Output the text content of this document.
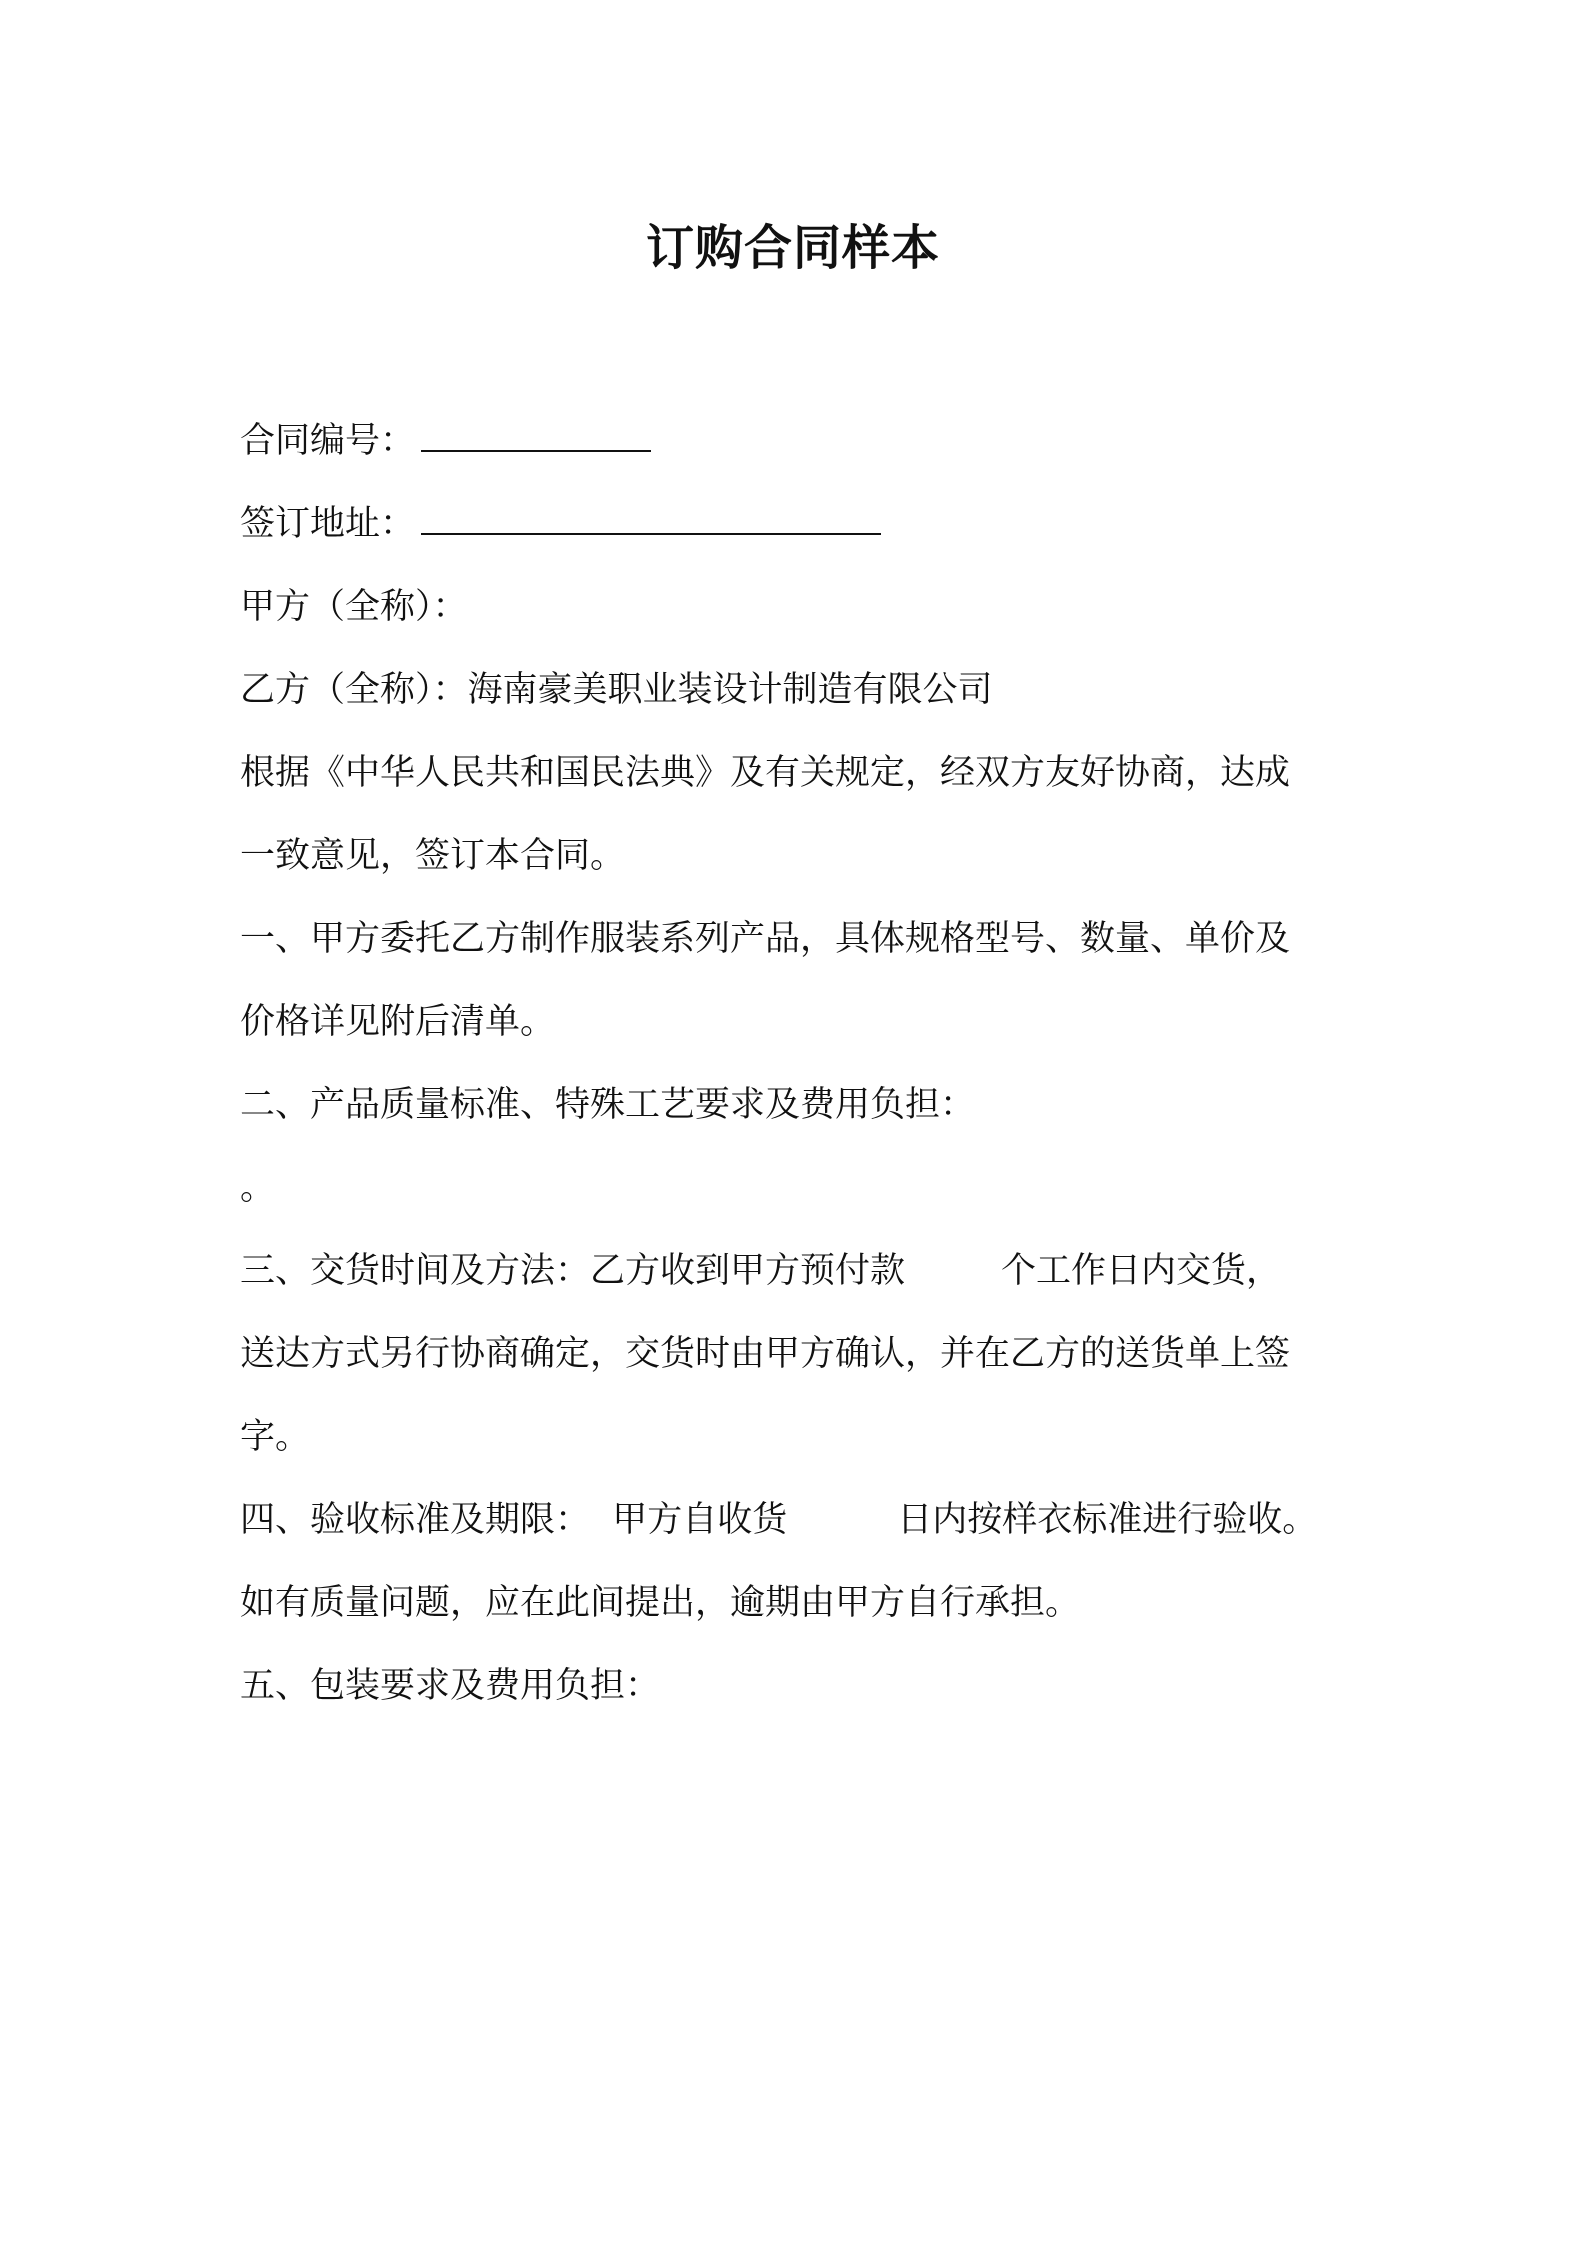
订购合同样本
合同编号：
签订地址：
甲方（全称）：
乙方（全称）：海南豪美职业装设计制造有限公司
根据《中华人民共和国民法典》及有关规定，经双方友好协商，达成
一致意见，签订本合同。
一、甲方委托乙方制作服装系列产品，具体规格型号、数量、单价及
价格详见附后清单。
二、产品质量标准、特殊工艺要求及费用负担：
。
三、交货时间及方法：乙方收到甲方预付款	个工作日内交货，
送达方式另行协商确定，交货时由甲方确认，并在乙方的送货单上签
字。
四、验收标准及期限：  甲方自收货	日内按样衣标准进行验收。
如有质量问题，应在此间提出，逾期由甲方自行承担。
五、包装要求及费用负担：
